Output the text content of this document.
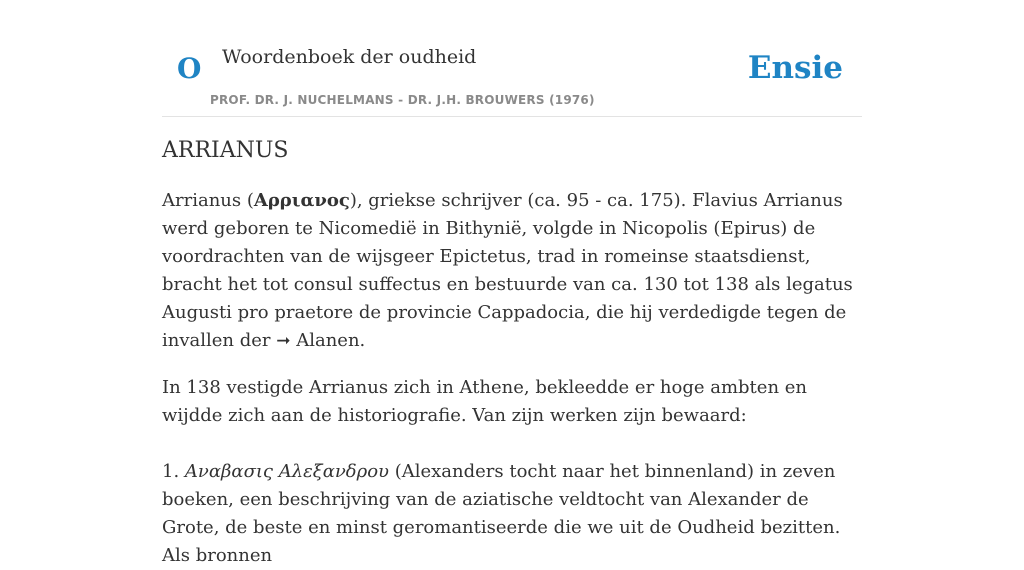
O Woordenboek der oudheid
PROF. DR. J. NUCHELMANS - DR. J.H. BROUWERS (1976)
Ensie
ARRIANUS

Arrianus (Αρριανος), griekse schrijver (ca. 95 - ca. 175). Flavius Arrianus werd geboren te Nicomedië in Bithynië, volgde in Nicopolis (Epirus) de voordrachten van de wijsgeer Epictetus, trad in romeinse staatsdienst, bracht het tot consul suffectus en bestuurde van ca. 130 tot 138 als legatus Augusti pro praetore de provincie Cappadocia, die hij verdedigde tegen de invallen der ➞ Alanen.

In 138 vestigde Arrianus zich in Athene, bekleedde er hoge ambten en wijdde zich aan de historiografie. Van zijn werken zijn bewaard:

1. Αναβασις Αλεξανδρου (Alexanders tocht naar het binnenland) in zeven boeken, een beschrijving van de aziatische veldtocht van Alexander de Grote, de beste en minst geromantiseerde die we uit de Oudheid bezitten. Als bronnen
